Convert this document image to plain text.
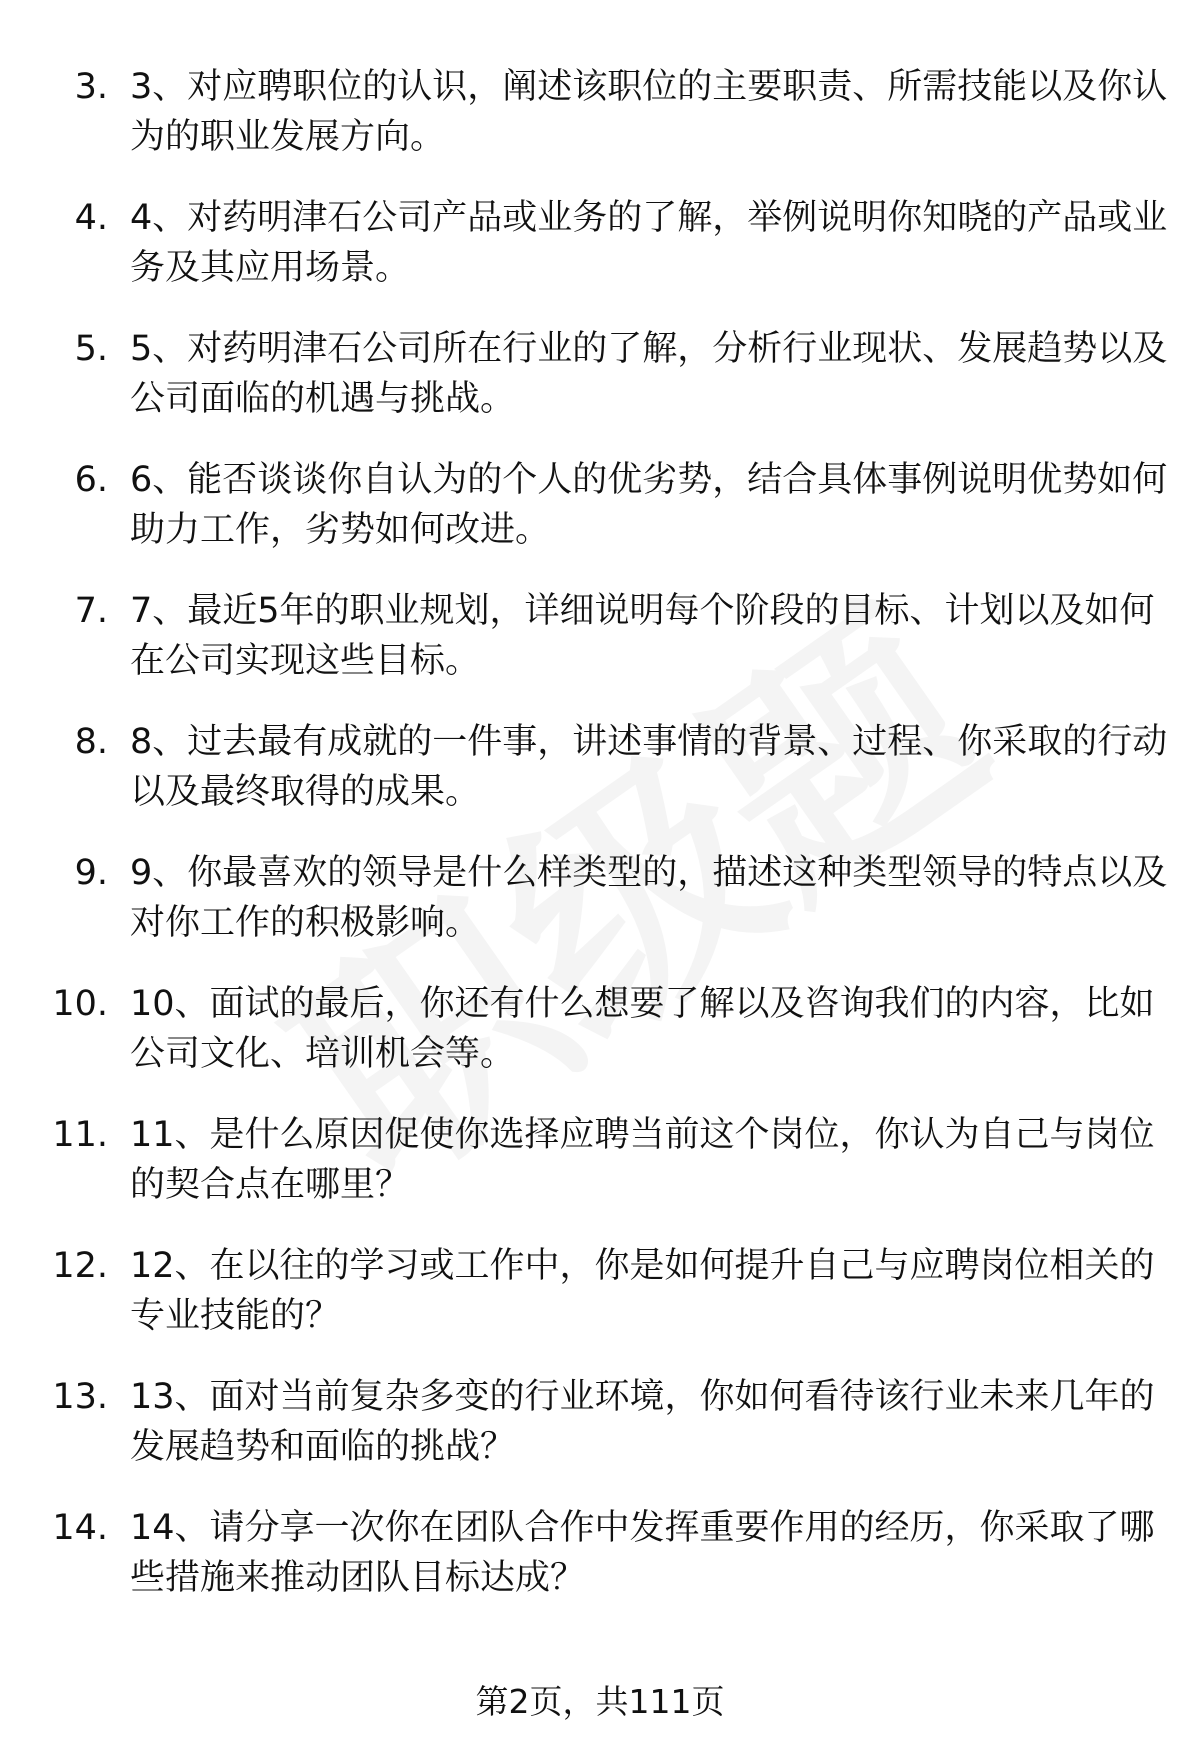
3. 3、对应聘职位的认识，阐述该职位的主要职责、所需技能以及你认为的职业发展方向。
4. 4、对药明津石公司产品或业务的了解，举例说明你知晓的产品或业务及其应用场景。
5. 5、对药明津石公司所在行业的了解，分析行业现状、发展趋势以及公司面临的机遇与挑战。
6. 6、能否谈谈你自认为的个人的优劣势，结合具体事例说明优势如何助力工作，劣势如何改进。
7. 7、最近5年的职业规划，详细说明每个阶段的目标、计划以及如何在公司实现这些目标。
8. 8、过去最有成就的一件事，讲述事情的背景、过程、你采取的行动以及最终取得的成果。
9. 9、你最喜欢的领导是什么样类型的，描述这种类型领导的特点以及对你工作的积极影响。
10. 10、面试的最后，你还有什么想要了解以及咨询我们的内容，比如公司文化、培训机会等。
11. 11、是什么原因促使你选择应聘当前这个岗位，你认为自己与岗位的契合点在哪里？
12. 12、在以往的学习或工作中，你是如何提升自己与应聘岗位相关的专业技能的？
13. 13、面对当前复杂多变的行业环境，你如何看待该行业未来几年的发展趋势和面临的挑战？
14. 14、请分享一次你在团队合作中发挥重要作用的经历，你采取了哪些措施来推动团队目标达成？
第2页，共111页
